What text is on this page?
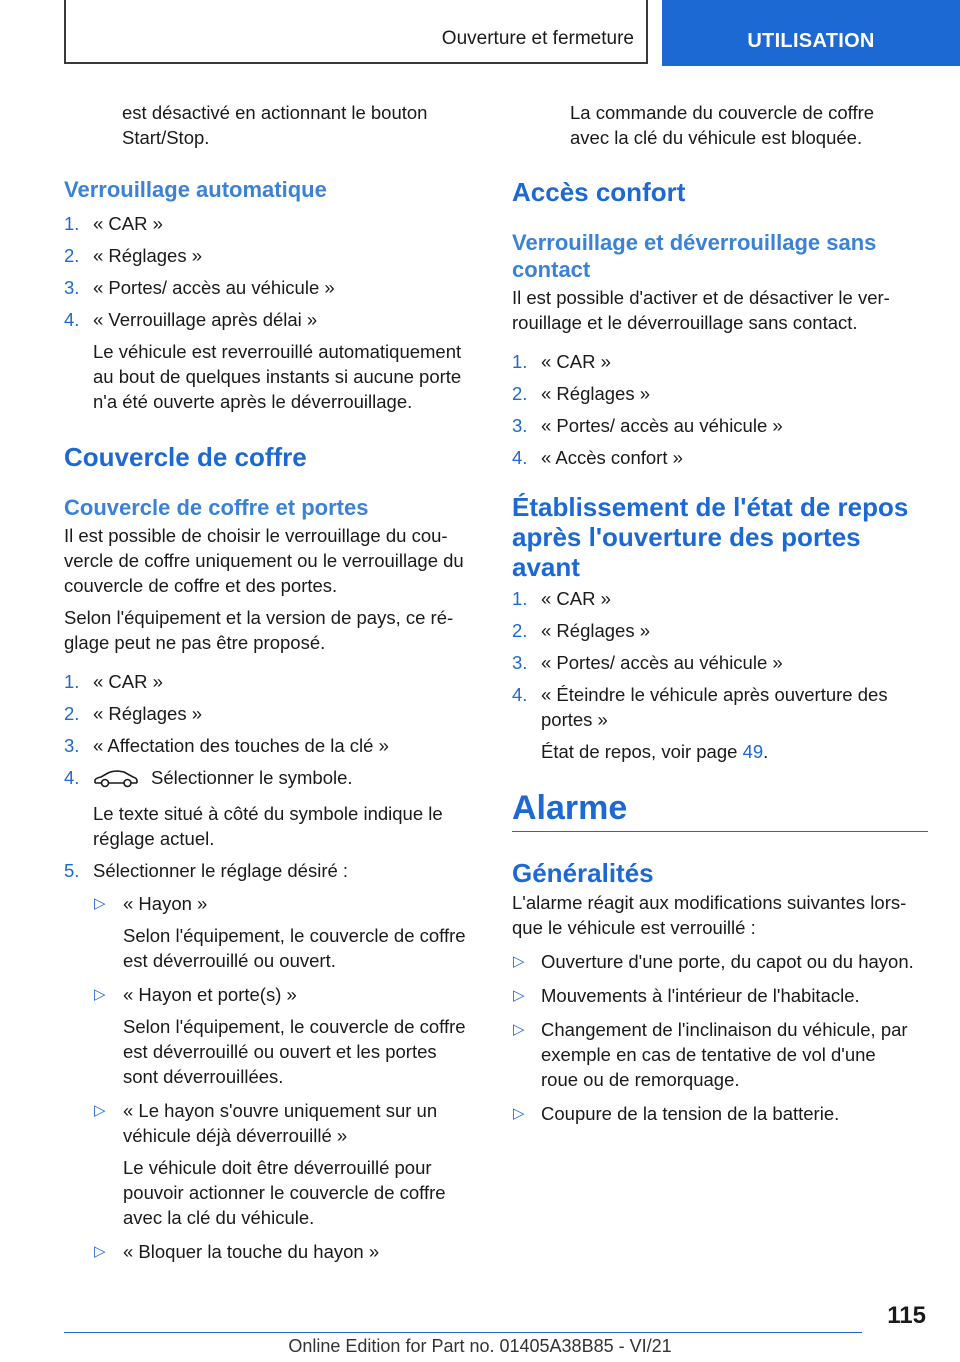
Ouverture et fermeture	UTILISATION

est désactivé en actionnant le bouton

Start/Stop.

Verrouillage automatique
1. « CAR »
2. « Réglages »
3. « Portes/ accès au véhicule »
4. « Verrouillage après délai »

Le véhicule est reverrouillé automatiquement

au bout de quelques instants si aucune porte

n'a été ouverte après le déverrouillage.

Couvercle de coffre
Couvercle de coffre et portes

Il est possible de choisir le verrouillage du cou-

vercle de coffre uniquement ou le verrouillage du

couvercle de coffre et des portes.

Selon l'équipement et la version de pays, ce ré-

glage peut ne pas être proposé.

1. « CAR »
2. « Réglages »
3. « Affectation des touches de la clé »
4.	Sélectionner le symbole.

Le texte situé à côté du symbole indique le

réglage actuel.

5. Sélectionner le réglage désiré :
▷ « Hayon »

Selon l'équipement, le couvercle de coffre

est déverrouillé ou ouvert.

▷ « Hayon et porte(s) »

Selon l'équipement, le couvercle de coffre

est déverrouillé ou ouvert et les portes

sont déverrouillées.

▷ « Le hayon s'ouvre uniquement sur un

véhicule déjà déverrouillé »

Le véhicule doit être déverrouillé pour

pouvoir actionner le couvercle de coffre

avec la clé du véhicule.

▷ « Bloquer la touche du hayon »

La commande du couvercle de coffre

avec la clé du véhicule est bloquée.

Accès confort
Verrouillage et déverrouillage sans
contact

Il est possible d'activer et de désactiver le ver-

rouillage et le déverrouillage sans contact.

1. « CAR »
2. « Réglages »
3. « Portes/ accès au véhicule »
4. « Accès confort »
Établissement de l'état de repos
après l'ouverture des portes
avant
1. « CAR »
2. « Réglages »
3. « Portes/ accès au véhicule »
4. « Éteindre le véhicule après ouverture des

portes »

État de repos, voir page 49.

Alarme
Généralités

L'alarme réagit aux modifications suivantes lors-

que le véhicule est verrouillé :

▷ Ouverture d'une porte, du capot ou du hayon.

▷ Mouvements à l'intérieur de l'habitacle.

▷ Changement de l'inclinaison du véhicule, par

exemple en cas de tentative de vol d'une

roue ou de remorquage.

▷ Coupure de la tension de la batterie.

115
Online Edition for Part no. 01405A38B85 - VI/21
